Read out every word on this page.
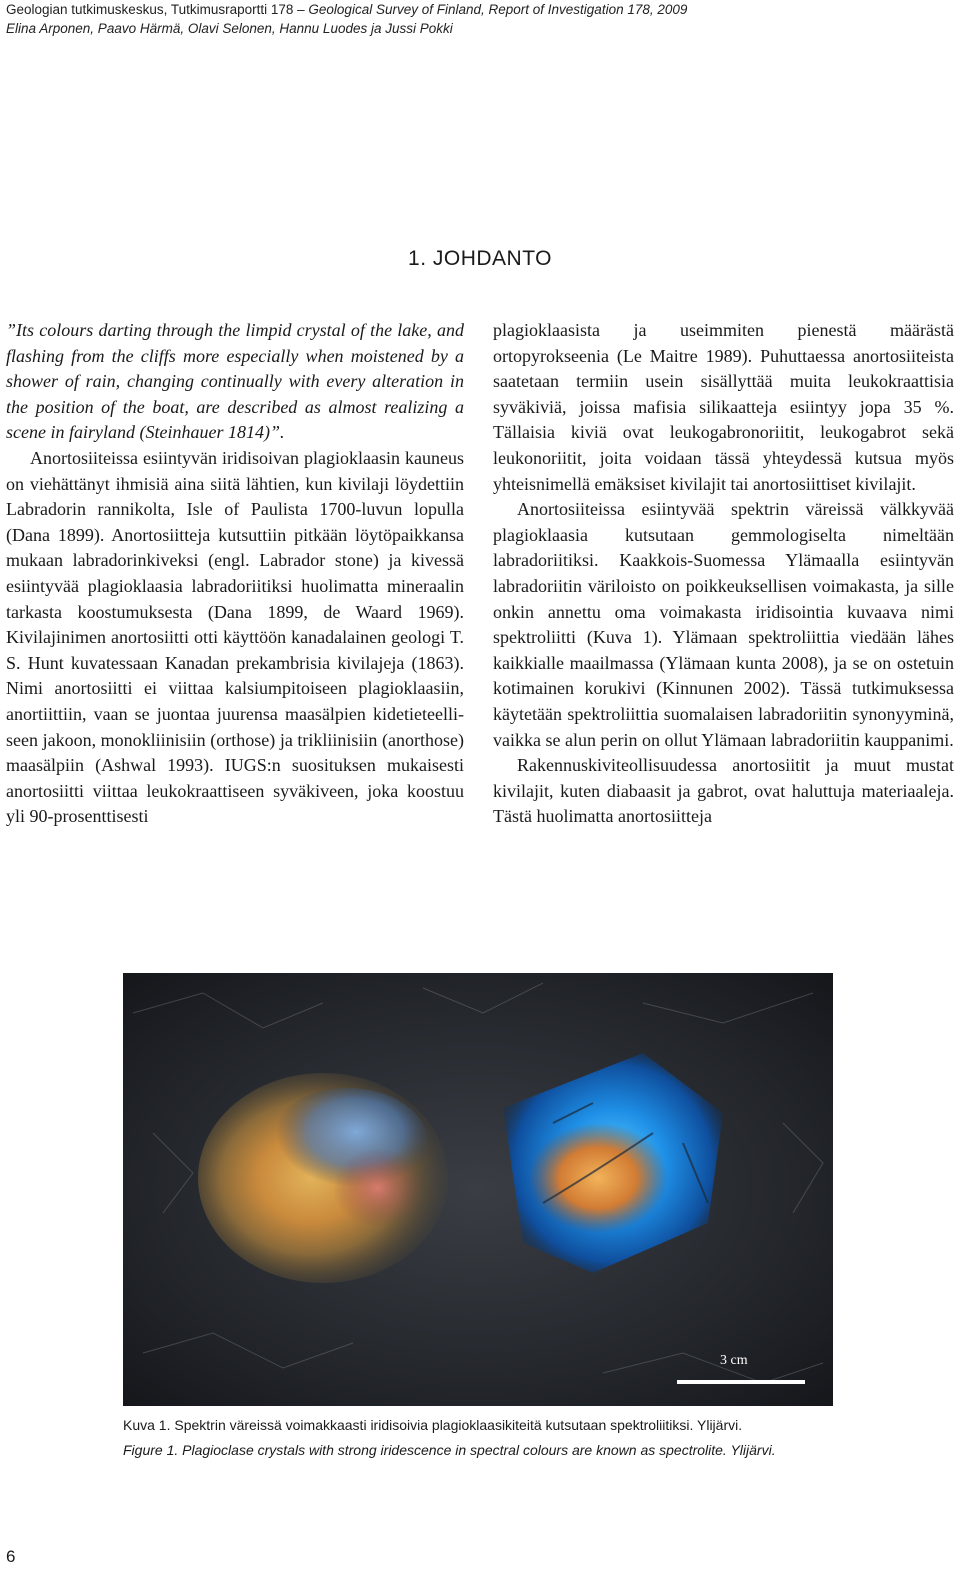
Geologian tutkimuskeskus, Tutkimusraportti 178 – Geological Survey of Finland, Report of Investigation 178, 2009
Elina Arponen, Paavo Härmä, Olavi Selonen, Hannu Luodes ja Jussi Pokki
1. JOHDANTO

”Its colours darting through the limpid crystal of the lake, and flashing from the cliffs more especially when moistened by a shower of rain, changing continually with every alteration in the position of the boat, are described as almost realizing a scene in fairyland (Steinhauer 1814)”.

Anortosiiteissa esiintyvän iridisoivan plagioklaasin kauneus on viehättänyt ihmisiä aina siitä lähtien, kun kivilaji löydettiin Labradorin rannikolta, Isle of Paulista 1700-luvun lopulla (Dana 1899). Anortosiitteja kutsuttiin pitkään löytöpaikkansa mukaan labradorinkiveksi (engl. Labrador stone) ja kivessä esiintyvää plagioklaasia labradoriitiksi huolimatta mineraalin tarkasta koostumuksesta (Dana 1899, de Waard 1969). Kivilajinimen anortosiitti otti käyttöön kanadalainen geologi T. S. Hunt kuvatessaan Kanadan prekambrisia kivilajeja (1863). Nimi anortosiitti ei viittaa kalsiumpitoiseen plagioklaasiin, anortiittiin, vaan se juontaa juurensa maasälpien kidetieteelliseen jakoon, monokliinisiin (orthose) ja trikliinisiin (anorthose) maasälpiin (Ashwal 1993). IUGS:n suosituksen mukaisesti anortosiitti viittaa leukokraattiseen syväkiveen, joka koostuu yli 90-prosenttisesti

plagioklaasista ja useimmiten pienestä määrästä ortopyrokseenia (Le Maitre 1989). Puhuttaessa anortosiiteista saatetaan termiin usein sisällyttää muita leukokraattisia syväkiviä, joissa mafisia silikaatteja esiintyy jopa 35 %. Tällaisia kiviä ovat leukogabronoriitit, leukogabrot sekä leukonoriitit, joita voidaan tässä yhteydessä kutsua myös yhteisnimellä emäksiset kivilajit tai anortosiittiset kivilajit.

Anortosiiteissa esiintyvää spektrin väreissä välkkyvää plagioklaasia kutsutaan gemmologiselta nimeltään labradoriitiksi. Kaakkois-Suomessa Ylämaalla esiintyvän labradoriitin väriloisto on poikkeuksellisen voimakasta, ja sille onkin annettu oma voimakasta iridisointia kuvaava nimi spektroliitti (Kuva 1). Ylämaan spektroliittia viedään lähes kaikkialle maailmassa (Ylämaan kunta 2008), ja se on ostetuin kotimainen korukivi (Kinnunen 2002). Tässä tutkimuksessa käytetään spektroliittia suomalaisen labradoriitin synonyyminä, vaikka se alun perin on ollut Ylämaan labradoriitin kauppanimi.

Rakennuskiviteollisuudessa anortosiitit ja muut mustat kivilajit, kuten diabaasit ja gabrot, ovat haluttuja materiaaleja. Tästä huolimatta anortosiitteja

3 cm

Kuva 1. Spektrin väreissä voimakkaasti iridisoivia plagioklaasikiteitä kutsutaan spektroliitiksi. Ylijärvi.

Figure 1. Plagioclase crystals with strong iridescence in spectral colours are known as spectrolite. Ylijärvi.

6
